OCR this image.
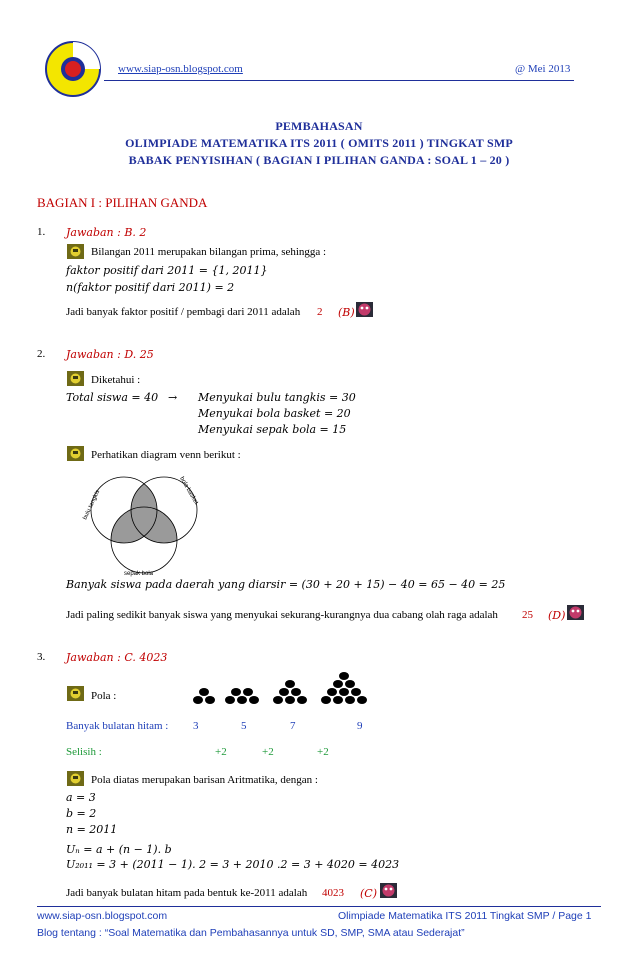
www.siap-osn.blogspot.com	@ Mei 2013
PEMBAHASAN
OLIMPIADE MATEMATIKA ITS 2011 ( OMITS 2011 ) TINGKAT SMP
BABAK PENYISIHAN ( BAGIAN I PILIHAN GANDA : SOAL 1 – 20 )
BAGIAN I : PILIHAN GANDA
1. Jawaban : B. 2
Bilangan 2011 merupakan bilangan prima, sehingga :
faktor positif dari 2011 = {1, 2011}
n(faktor positif dari 2011) = 2
Jadi banyak faktor positif / pembagi dari 2011 adalah 2 (B)
2. Jawaban : D. 25
Diketahui :
Total siswa = 40 → Menyukai bulu tangkis = 30
Menyukai bola basket = 20
Menyukai sepak bola = 15
Perhatikan diagram venn berikut :
bulu tangkis	bola basket
sepak bola
Banyak siswa pada daerah yang diarsir = (30 + 20 + 15) − 40 = 65 − 40 = 25
Jadi paling sedikit banyak siswa yang menyukai sekurang-kurangnya dua cabang olah raga adalah 25 (D)
3. Jawaban : C. 4023
Pola :
Banyak bulatan hitam : 3	5	7	9
Selisih :	+2	+2	+2
Pola diatas merupakan barisan Aritmatika, dengan :
a = 3
b = 2
n = 2011
Uₙ = a + (n − 1). b
U₂₀₁₁ = 3 + (2011 − 1). 2 = 3 + 2010 .2 = 3 + 4020 = 4023
Jadi banyak bulatan hitam pada bentuk ke-2011 adalah 4023 (C)
www.siap-osn.blogspot.com	Olimpiade Matematika ITS 2011 Tingkat SMP / Page 1
Blog tentang : “Soal Matematika dan Pembahasannya untuk SD, SMP, SMA atau Sederajat”
